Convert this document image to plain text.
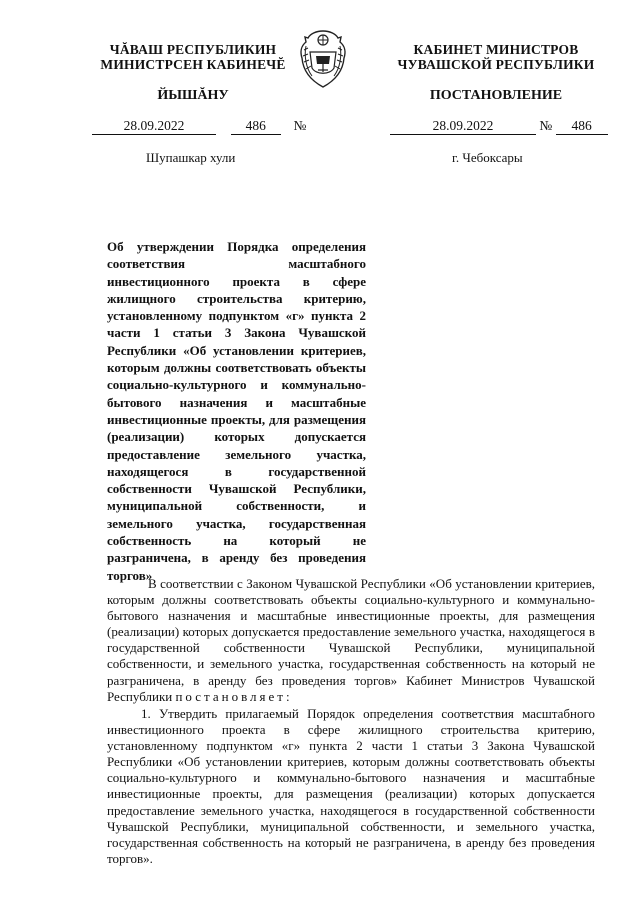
ЧĂВАШ РЕСПУБЛИКИН
МИНИСТРСЕН КАБИНЕЧĔ
ЙЫШĂНУ
КАБИНЕТ МИНИСТРОВ
ЧУВАШСКОЙ РЕСПУБЛИКИ
ПОСТАНОВЛЕНИЕ
28.09.2022	486 №	28.09.2022	№ 486
Шупашкар хули	г. Чебоксары
Об утверждении Порядка определения соответствия масштабного инвестиционного проекта в сфере жилищного строительства критерию, установленному подпунктом «г» пункта 2 части 1 статьи 3 Закона Чувашской Республики «Об установлении критериев, которым должны соответствовать объекты социально-культурного и коммунально-бытового назначения и масштабные инвестиционные проекты, для размещения (реализации) которых допускается предоставление земельного участка, находящегося в государственной собственности Чувашской Республики, муниципальной собственности, и земельного участка, государственная собственность на который не разграничена, в аренду без проведения торгов»

В соответствии с Законом Чувашской Республики «Об установлении критериев, которым должны соответствовать объекты социально-культурного и коммунально-бытового назначения и масштабные инвестиционные проекты, для размещения (реализации) которых допускается предоставление земельного участка, находящегося в государственной собственности Чувашской Республики, муниципальной собственности, и земельного участка, государственная собственность на который не разграничена, в аренду без проведения торгов» Кабинет Министров Чувашской Республики постановляет:

1. Утвердить прилагаемый Порядок определения соответствия масштабного инвестиционного проекта в сфере жилищного строительства критерию, установленному подпунктом «г» пункта 2 части 1 статьи 3 Закона Чувашской Республики «Об установлении критериев, которым должны соответствовать объекты социально-культурного и коммунально-бытового назначения и масштабные инвестиционные проекты, для размещения (реализации) которых допускается предоставление земельного участка, находящегося в государственной собственности Чувашской Республики, муниципальной собственности, и земельного участка, государственная собственность на который не разграничена, в аренду без проведения торгов».
